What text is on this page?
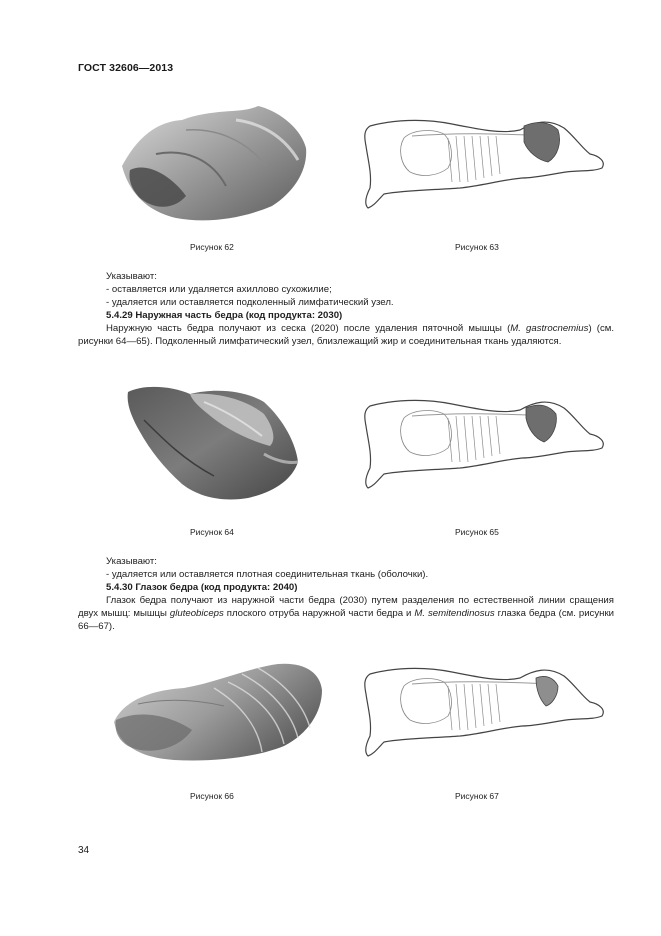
ГОСТ 32606—2013
Рисунок 62	Рисунок 63
Указывают:
- оставляется или удаляется ахиллово сухожилие;
- удаляется или оставляется подколенный лимфатический узел.
5.4.29 Наружная часть бедра (код продукта: 2030)
Наружную часть бедра получают из сеска (2020) после удаления пяточной мышцы (M. gastrocnemius) (см. рисунки 64—65). Подколенный лимфатический узел, близлежащий жир и соединительная ткань удаляются.
Рисунок 64	Рисунок 65
Указывают:
- удаляется или оставляется плотная соединительная ткань (оболочки).
5.4.30 Глазок бедра (код продукта: 2040)
Глазок бедра получают из наружной части бедра (2030) путем разделения по естественной линии сращения двух мышц: мышцы gluteobiceps плоского отруба наружной части бедра и M. semitendinosus глазка бедра (см. рисунки 66—67).
Рисунок 66	Рисунок 67
34
